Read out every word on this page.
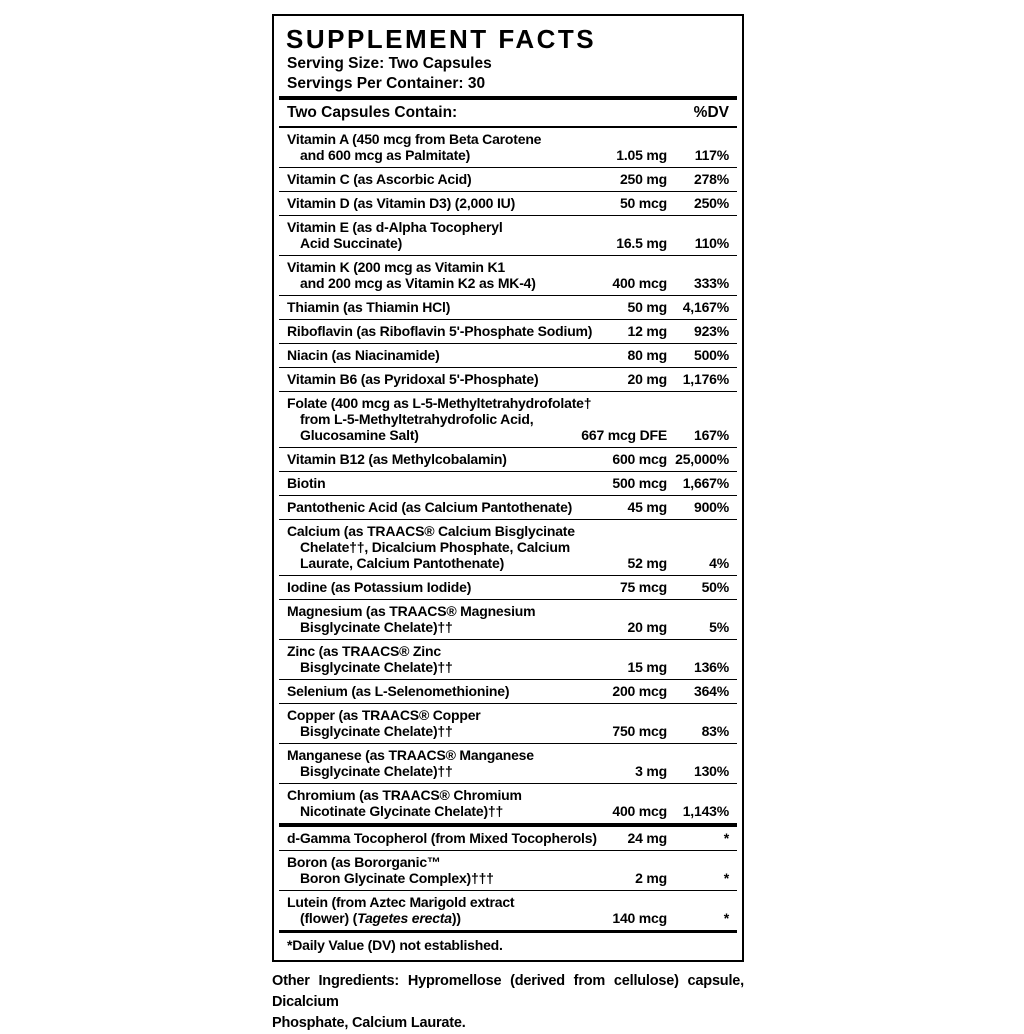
SUPPLEMENT FACTS
Serving Size: Two Capsules
Servings Per Container: 30
Two Capsules Contain:	%DV
Vitamin A (450 mcg from Beta Carotene
and 600 mcg as Palmitate)	1.05 mg	117%
Vitamin C (as Ascorbic Acid)	250 mg	278%
Vitamin D (as Vitamin D3) (2,000 IU)	50 mcg	250%
Vitamin E (as d-Alpha Tocopheryl
Acid Succinate)	16.5 mg	110%
Vitamin K (200 mcg as Vitamin K1
and 200 mcg as Vitamin K2 as MK-4)	400 mcg	333%
Thiamin (as Thiamin HCl)	50 mg	4,167%
Riboflavin (as Riboflavin 5'-Phosphate Sodium)	12 mg	923%
Niacin (as Niacinamide)	80 mg	500%
Vitamin B6 (as Pyridoxal 5'-Phosphate)	20 mg	1,176%
Folate (400 mcg as L-5-Methyltetrahydrofolate†
from L-5-Methyltetrahydrofolic Acid,
Glucosamine Salt)	667 mcg DFE	167%
Vitamin B12 (as Methylcobalamin)	600 mcg 25,000%
Biotin	500 mcg	1,667%
Pantothenic Acid (as Calcium Pantothenate)	45 mg	900%
Calcium (as TRAACS® Calcium Bisglycinate
Chelate††, Dicalcium Phosphate, Calcium
Laurate, Calcium Pantothenate)	52 mg	4%
Iodine (as Potassium Iodide)	75 mcg	50%
Magnesium (as TRAACS® Magnesium
Bisglycinate Chelate)††	20 mg	5%
Zinc (as TRAACS® Zinc
Bisglycinate Chelate)††	15 mg	136%
Selenium (as L-Selenomethionine)	200 mcg	364%
Copper (as TRAACS® Copper
Bisglycinate Chelate)††	750 mcg	83%
Manganese (as TRAACS® Manganese
Bisglycinate Chelate)††	3 mg	130%
Chromium (as TRAACS® Chromium
Nicotinate Glycinate Chelate)††	400 mcg	1,143%
d-Gamma Tocopherol (from Mixed Tocopherols)	24 mg	*
Boron (as Bororganic™
Boron Glycinate Complex)†††	2 mg	*
Lutein (from Aztec Marigold extract
(flower) (Tagetes erecta))	140 mcg	*
*Daily Value (DV) not established.

Other Ingredients: Hypromellose (derived from cellulose) capsule, Dicalcium
Phosphate, Calcium Laurate.
